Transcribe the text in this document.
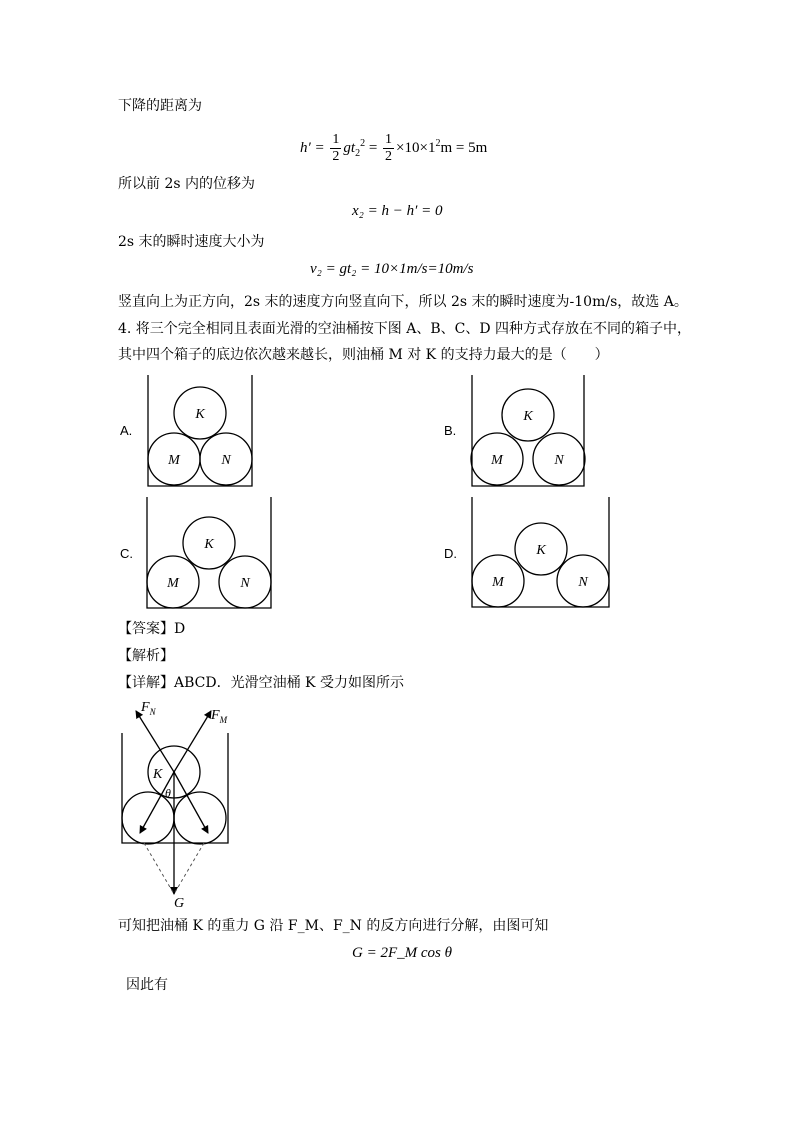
下降的距离为
$h' = \frac{1}{2} gt_2^2 = \frac{1}{2} \times 10\times 1^2m = 5m$
所以前 2s 内的位移为
x₂ = h − h′ = 0
2s 末的瞬时速度大小为
v₂ = gt₂ = 10×1m/s=10m/s
竖直向上为正方向，2s 末的速度方向竖直向下，所以 2s 末的瞬时速度为-10m/s，故选 A。
4. 将三个完全相同且表面光滑的空油桶按下图 A、B、C、D 四种方式存放在不同的箱子中，
其中四个箱子的底边依次越来越长，则油桶 M 对 K 的支持力最大的是（　　）
A.	B.
C.	D.
K
M	N
K
M	N
K
M	N
K
M	N
【答案】D
【解析】
【详解】ABCD．光滑空油桶 K 受力如图所示
$F_N$	$F_M$
K
θ
G
可知把油桶 K 的重力 G 沿 F_M、F_N 的反方向进行分解，由图可知
G = 2F_M cos θ
因此有
